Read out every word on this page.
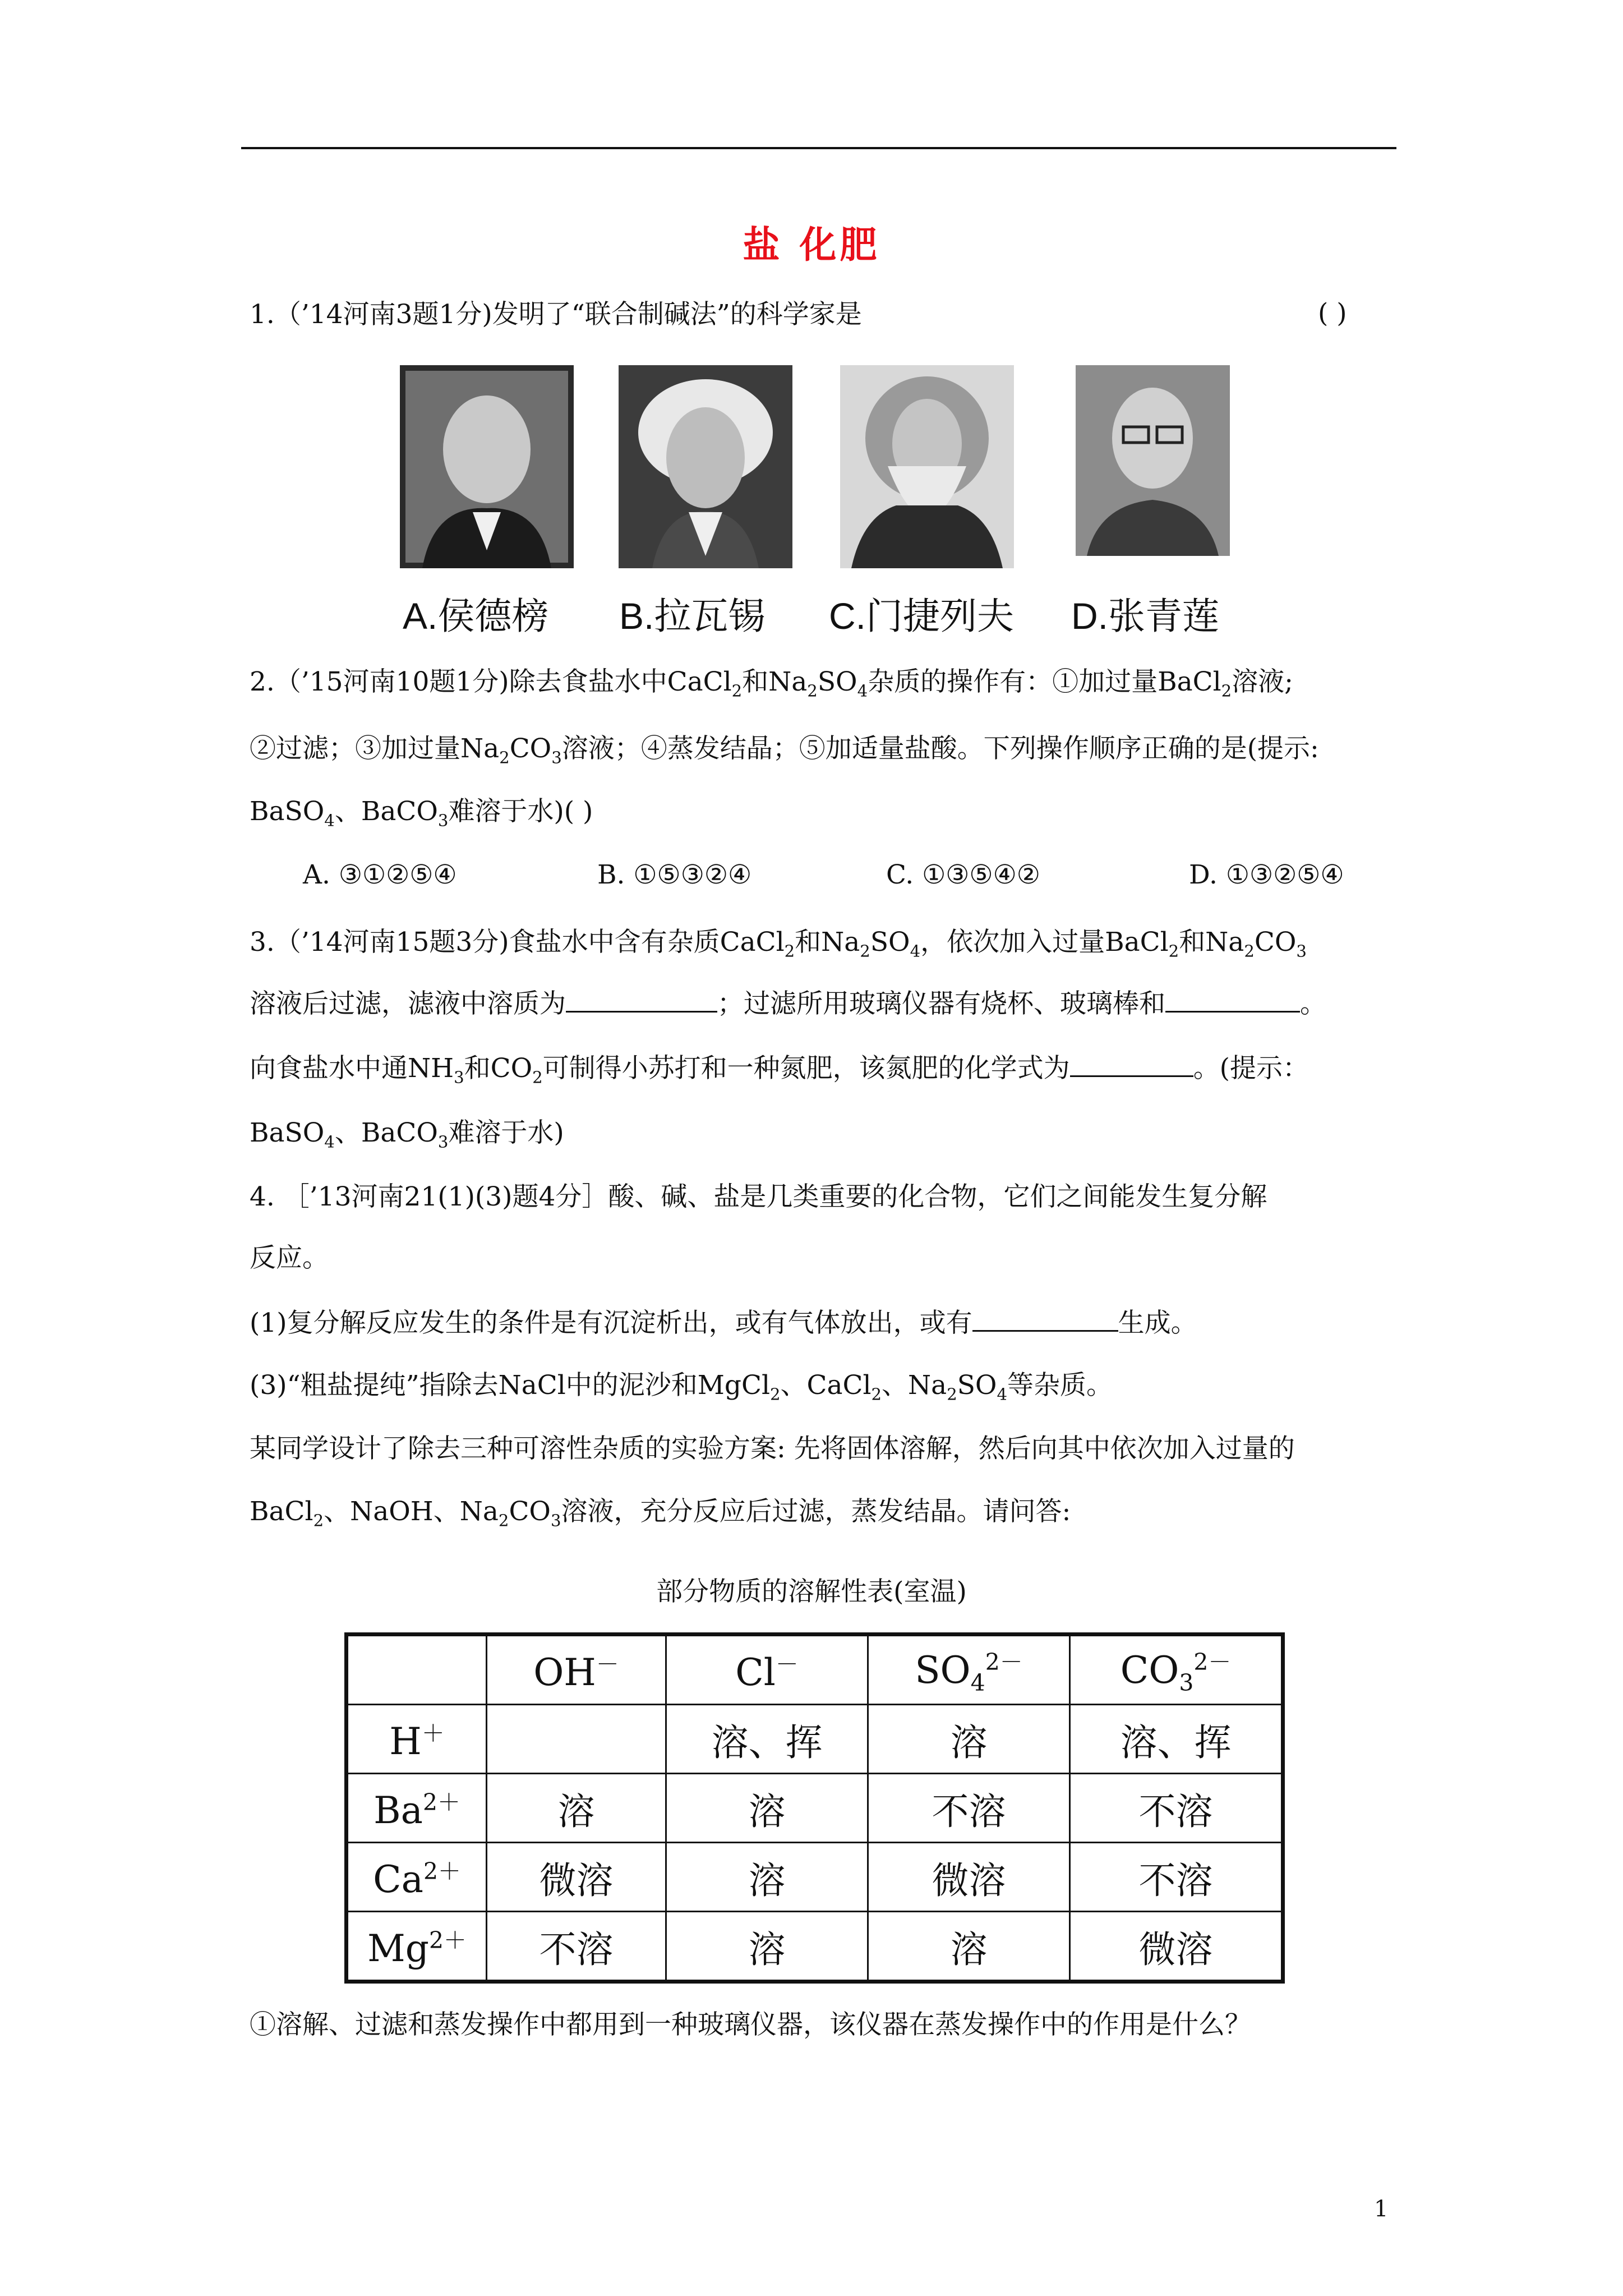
盐 化肥
1.（’14河南3题1分)发明了“联合制碱法”的科学家是	( )
A.侯德榜 B.拉瓦锡 C.门捷列夫 D.张青莲
2.（’15河南10题1分)除去食盐水中CaCl$_2$和$Na_2SO_4$杂质的操作有：①加过量BaCl$_2$溶液;
②过滤；③加过量$Na_2CO_3$溶液；④蒸发结晶；⑤加适量盐酸。下列操作顺序正确的是(提示:
BaSO$_4$、BaCO$_3$难溶于水)( )
A. ③①②⑤④	B. ①⑤③②④	C. ①③⑤④②	D. ①③②⑤④
3.（’14河南15题3分)食盐水中含有杂质CaCl$_2$和$Na_2SO_4$，依次加入过量BaCl$_2$和$Na_2CO_3$
溶液后过滤，滤液中溶质为	；过滤所用玻璃仪器有烧杯、玻璃棒和	。
向食盐水中通$NH_3$和$CO_2$可制得小苏打和一种氮肥，该氮肥的化学式为	。(提示：
BaSO$_4$、BaCO$_3$难溶于水)
4. ［’13河南21(1)(3)题4分］酸、碱、盐是几类重要的化合物，它们之间能发生复分解
反应。
(1)复分解反应发生的条件是有沉淀析出，或有气体放出，或有	生成。
(3)“粗盐提纯”指除去NaCl中的泥沙和MgCl$_2$、CaCl$_2$、$Na_2SO_4$等杂质。
某同学设计了除去三种可溶性杂质的实验方案: 先将固体溶解，然后向其中依次加入过量的
BaCl$_2$、NaOH、$Na_2CO_3$溶液，充分反应后过滤，蒸发结晶。请问答:
部分物质的溶解性表(室温)
	OH－	Cl－	$SO_4^{2-}$	$CO_3^{2-}$
H＋		溶、挥	溶	溶、挥
$Ba^{2+}$	溶	溶	不溶	不溶
$Ca^{2+}$	微溶	溶	微溶	不溶
$Mg^{2+}$	不溶	溶	溶	微溶
①溶解、过滤和蒸发操作中都用到一种玻璃仪器，该仪器在蒸发操作中的作用是什么？
1
